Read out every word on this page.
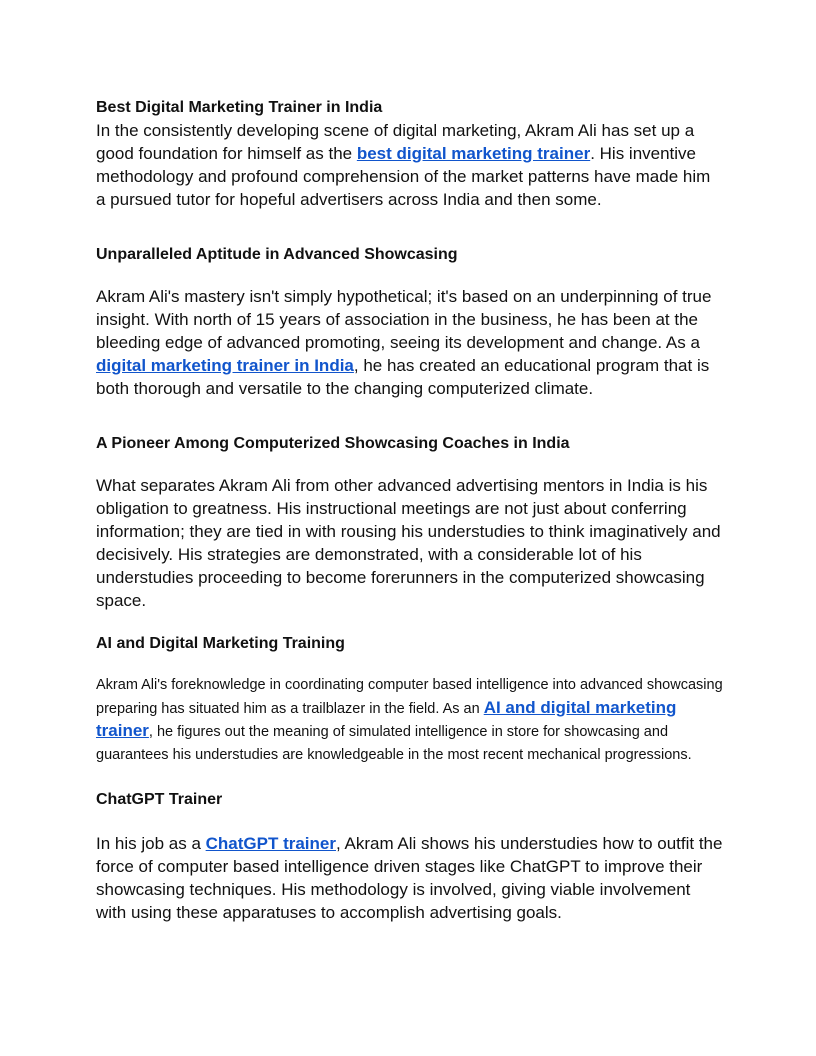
Best Digital Marketing Trainer in India

In the consistently developing scene of digital marketing, Akram Ali has set up a good foundation for himself as the best digital marketing trainer. His inventive methodology and profound comprehension of the market patterns have made him a pursued tutor for hopeful advertisers across India and then some.

Unparalleled Aptitude in Advanced Showcasing

Akram Ali's mastery isn't simply hypothetical; it's based on an underpinning of true insight. With north of 15 years of association in the business, he has been at the bleeding edge of advanced promoting, seeing its development and change. As a digital marketing trainer in India, he has created an educational program that is both thorough and versatile to the changing computerized climate.

A Pioneer Among Computerized Showcasing Coaches in India

What separates Akram Ali from other advanced advertising mentors in India is his obligation to greatness. His instructional meetings are not just about conferring information; they are tied in with rousing his understudies to think imaginatively and decisively. His strategies are demonstrated, with a considerable lot of his understudies proceeding to become forerunners in the computerized showcasing space.

AI and Digital Marketing Training

Akram Ali's foreknowledge in coordinating computer based intelligence into advanced showcasing preparing has situated him as a trailblazer in the field. As an AI and digital marketing trainer, he figures out the meaning of simulated intelligence in store for showcasing and guarantees his understudies are knowledgeable in the most recent mechanical progressions.

ChatGPT Trainer

In his job as a ChatGPT trainer, Akram Ali shows his understudies how to outfit the force of computer based intelligence driven stages like ChatGPT to improve their showcasing techniques. His methodology is involved, giving viable involvement with using these apparatuses to accomplish advertising goals.
